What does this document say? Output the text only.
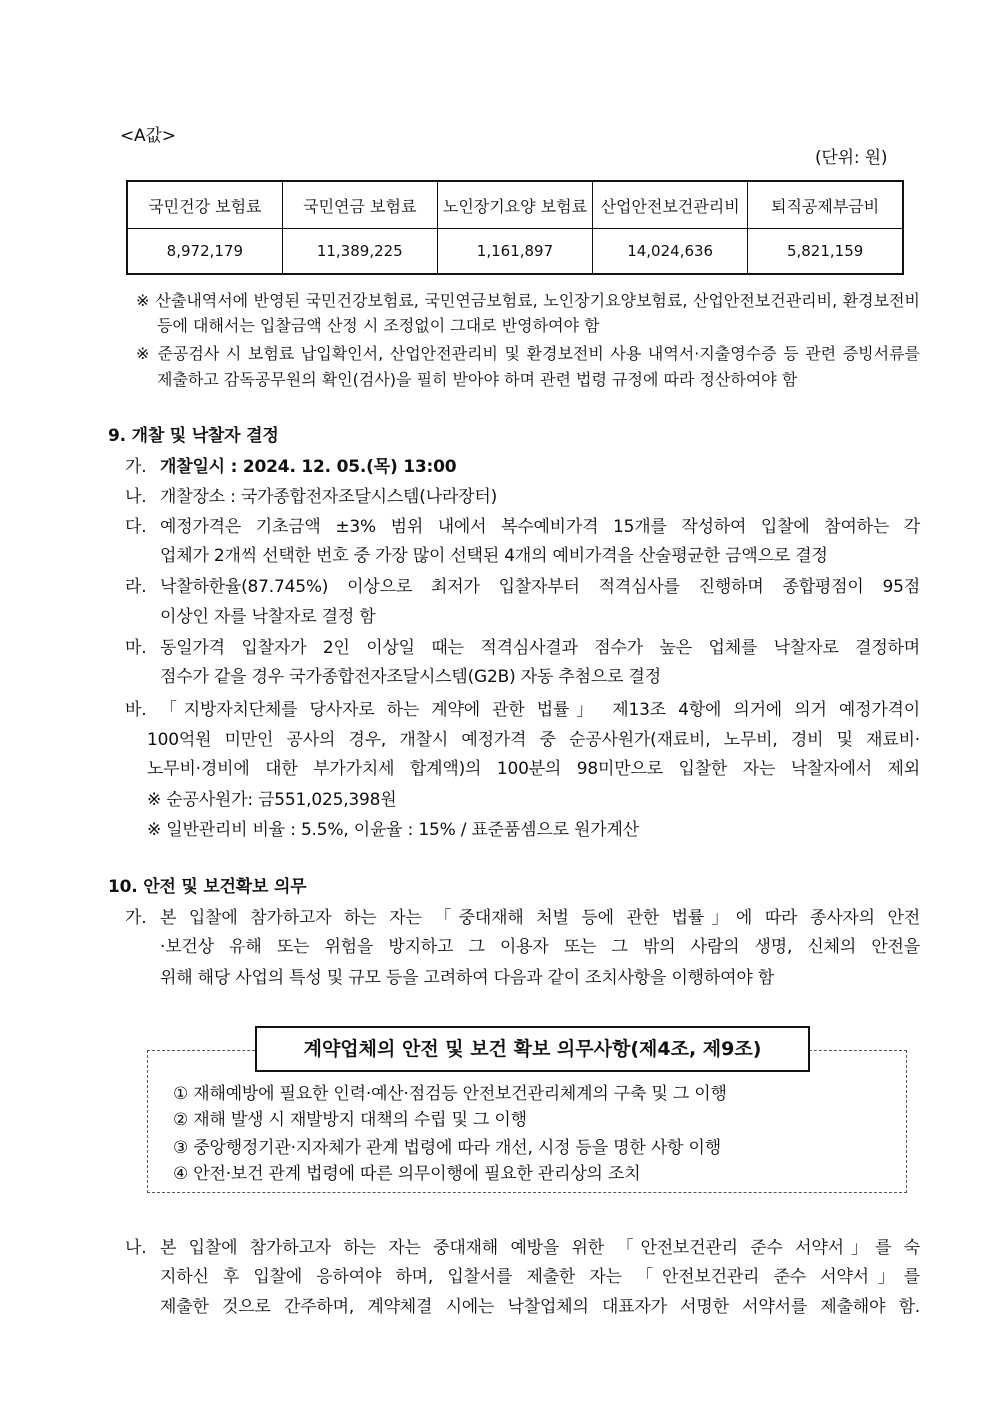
<A값>
(단위: 원)
국민건강 보험료	국민연금 보험료	노인장기요양 보험료	산업안전보건관리비	퇴직공제부금비
8,972,179	11,389,225	1,161,897	14,024,636	5,821,159
※ 산출내역서에 반영된 국민건강보험료, 국민연금보험료, 노인장기요양보험료, 산업안전보건관리비, 환경보전비
등에 대해서는 입찰금액 산정 시 조정없이 그대로 반영하여야 함
※ 준공검사 시 보험료 납입확인서, 산업안전관리비 및 환경보전비 사용 내역서·지출영수증 등 관련 증빙서류를
제출하고 감독공무원의 확인(검사)을 필히 받아야 하며 관련 법령 규정에 따라 정산하여야 함
9. 개찰 및 낙찰자 결정
가. 개찰일시 : 2024. 12. 05.(목) 13:00
나. 개찰장소 : 국가종합전자조달시스템(나라장터)
다. 예정가격은 기초금액 ±3% 범위 내에서 복수예비가격 15개를 작성하여 입찰에 참여하는 각
업체가 2개씩 선택한 번호 중 가장 많이 선택된 4개의 예비가격을 산술평균한 금액으로 결정
라. 낙찰하한율(87.745%) 이상으로 최저가 입찰자부터 적격심사를 진행하며 종합평점이 95점
이상인 자를 낙찰자로 결정 함
마. 동일가격 입찰자가 2인 이상일 때는 적격심사결과 점수가 높은 업체를 낙찰자로 결정하며
점수가 같을 경우 국가종합전자조달시스템(G2B) 자동 추첨으로 결정
바. 「지방자치단체를 당사자로 하는 계약에 관한 법률」 제13조 4항에 의거에 의거 예정가격이
100억원 미만인 공사의 경우, 개찰시 예정가격 중 순공사원가(재료비, 노무비, 경비 및 재료비·
노무비·경비에 대한 부가가치세 합계액)의 100분의 98미만으로 입찰한 자는 낙찰자에서 제외
※ 순공사원가: 금551,025,398원
※ 일반관리비 비율 : 5.5%, 이윤율 : 15% / 표준품셈으로 원가계산
10. 안전 및 보건확보 의무
가. 본 입찰에 참가하고자 하는 자는 「중대재해 처벌 등에 관한 법률」에 따라 종사자의 안전
·보건상 유해 또는 위험을 방지하고 그 이용자 또는 그 밖의 사람의 생명, 신체의 안전을
위해 해당 사업의 특성 및 규모 등을 고려하여 다음과 같이 조치사항을 이행하여야 함
계약업체의 안전 및 보건 확보 의무사항(제4조, 제9조)
① 재해예방에 필요한 인력·예산·점검등 안전보건관리체계의 구축 및 그 이행
② 재해 발생 시 재발방지 대책의 수립 및 그 이행
③ 중앙행정기관·지자체가 관계 법령에 따라 개선, 시정 등을 명한 사항 이행
④ 안전·보건 관계 법령에 따른 의무이행에 필요한 관리상의 조치
나. 본 입찰에 참가하고자 하는 자는 중대재해 예방을 위한 「안전보건관리 준수 서약서」를 숙
지하신 후 입찰에 응하여야 하며, 입찰서를 제출한 자는 「안전보건관리 준수 서약서」를
제출한 것으로 간주하며, 계약체결 시에는 낙찰업체의 대표자가 서명한 서약서를 제출해야 함.
